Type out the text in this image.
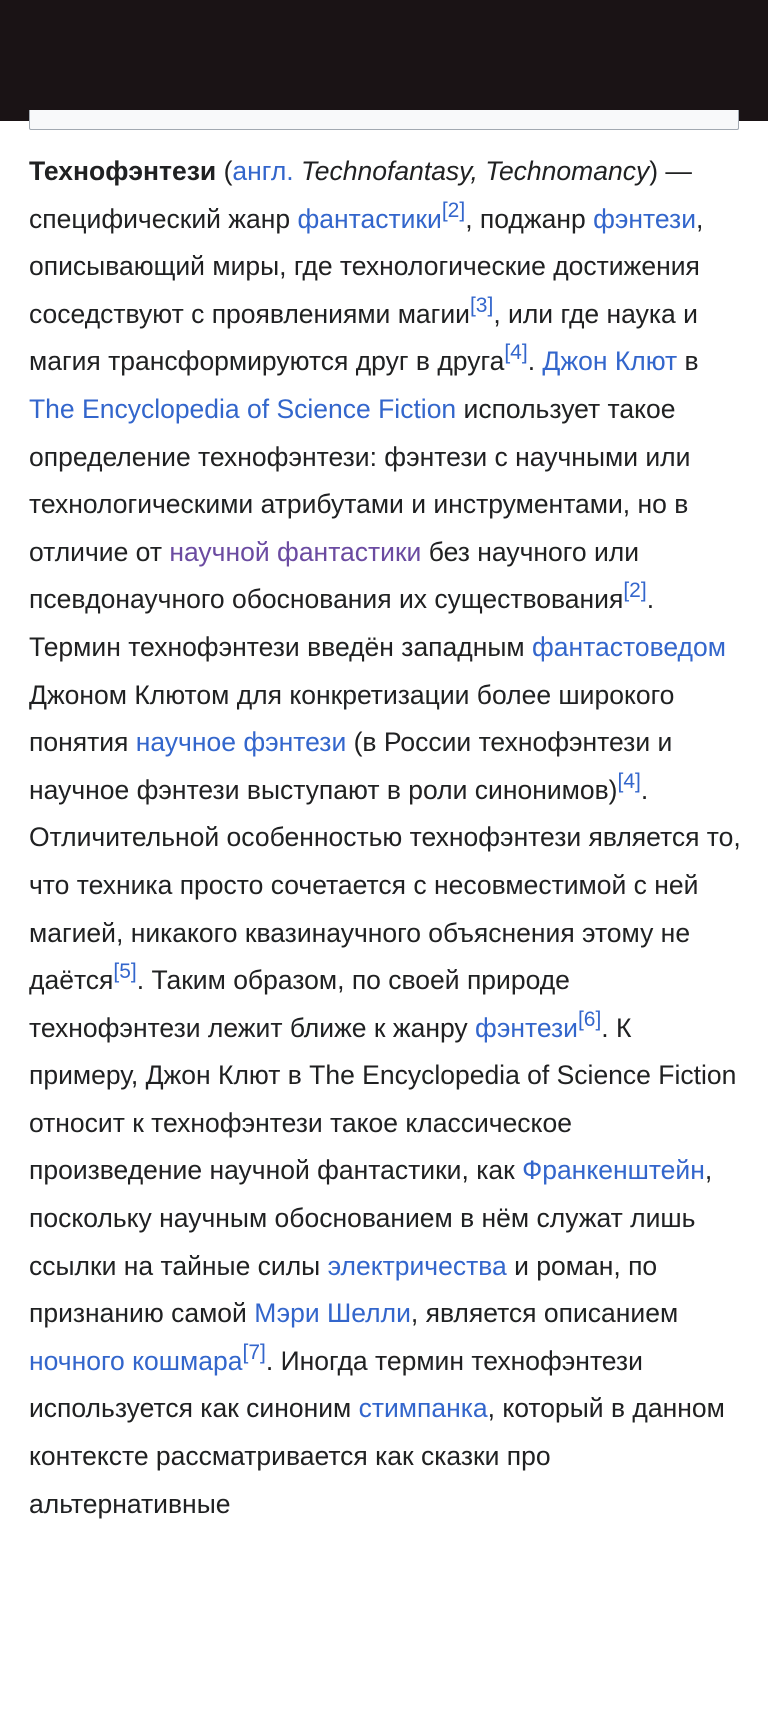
Технофэнтези (англ. Technofantasy, Technomancy) — специфический жанр фантастики[2], поджанр фэнтези, описывающий миры, где технологические достижения соседствуют с проявлениями магии[3], или где наука и магия трансформируются друг в друга[4]. Джон Клют в The Encyclopedia of Science Fiction использует такое определение технофэнтези: фэнтези с научными или технологическими атрибутами и инструментами, но в отличие от научной фантастики без научного или псевдонаучного обоснования их существования[2]. Термин технофэнтези введён западным фантастоведом Джоном Клютом для конкретизации более широкого понятия научное фэнтези (в России технофэнтези и научное фэнтези выступают в роли синонимов)[4]. Отличительной особенностью технофэнтези является то, что техника просто сочетается с несовместимой с ней магией, никакого квазинаучного объяснения этому не даётся[5]. Таким образом, по своей природе технофэнтези лежит ближе к жанру фэнтези[6]. К примеру, Джон Клют в The Encyclopedia of Science Fiction относит к технофэнтези такое классическое произведение научной фантастики, как Франкенштейн, поскольку научным обоснованием в нём служат лишь ссылки на тайные силы электричества и роман, по признанию самой Мэри Шелли, является описанием ночного кошмара[7]. Иногда термин технофэнтези используется как синоним стимпанка, который в данном контексте рассматривается как сказки про альтернативные
